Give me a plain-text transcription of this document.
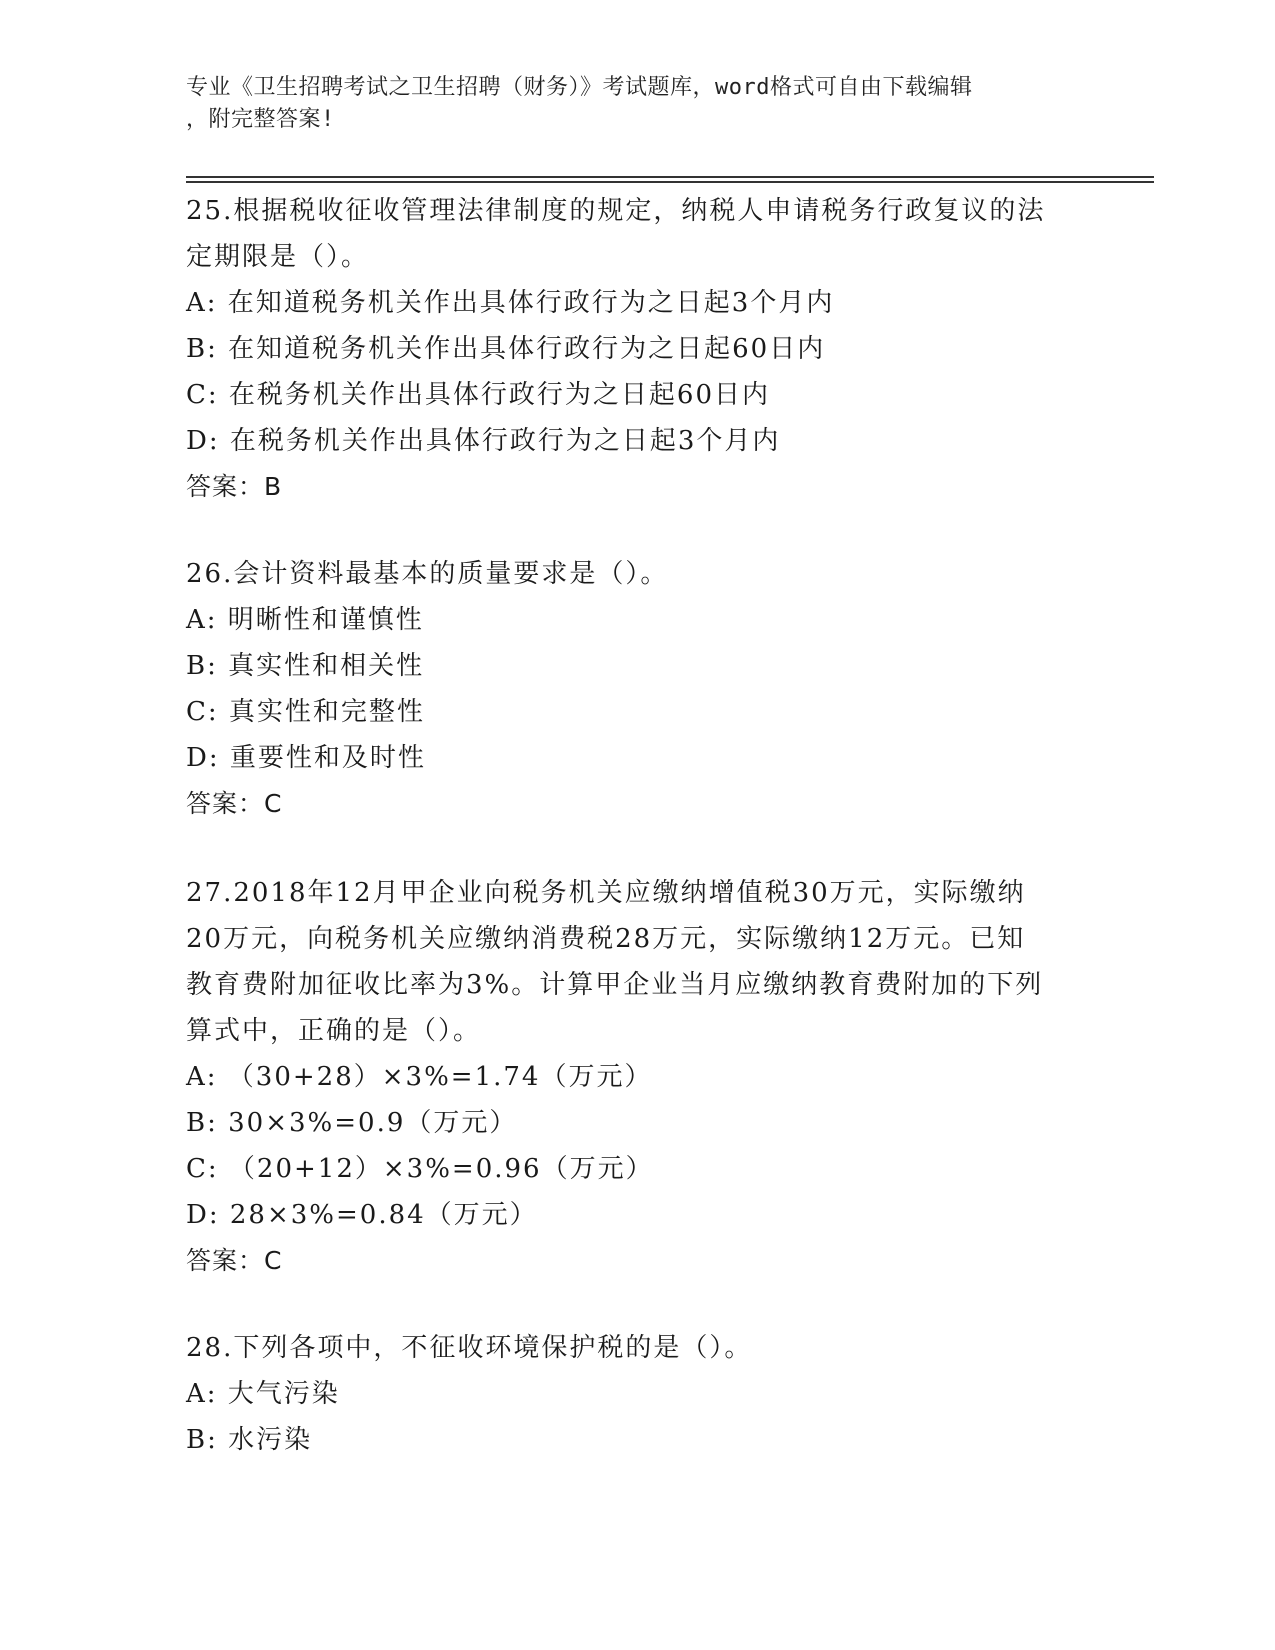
专业《卫生招聘考试之卫生招聘（财务）》考试题库，word格式可自由下载编辑
，附完整答案!
25.根据税收征收管理法律制度的规定，纳税人申请税务行政复议的法
定期限是（）。
A: 在知道税务机关作出具体行政行为之日起3个月内
B: 在知道税务机关作出具体行政行为之日起60日内
C: 在税务机关作出具体行政行为之日起60日内
D: 在税务机关作出具体行政行为之日起3个月内
答案：B
26.会计资料最基本的质量要求是（）。
A: 明晰性和谨慎性
B: 真实性和相关性
C: 真实性和完整性
D: 重要性和及时性
答案：C
27.2018年12月甲企业向税务机关应缴纳增值税30万元，实际缴纳
20万元，向税务机关应缴纳消费税28万元，实际缴纳12万元。已知
教育费附加征收比率为3%。计算甲企业当月应缴纳教育费附加的下列
算式中，正确的是（）。
A: （30+28）×3%=1.74（万元）
B: 30×3%=0.9（万元）
C: （20+12）×3%=0.96（万元）
D: 28×3%=0.84（万元）
答案：C
28.下列各项中，不征收环境保护税的是（）。
A: 大气污染
B: 水污染
